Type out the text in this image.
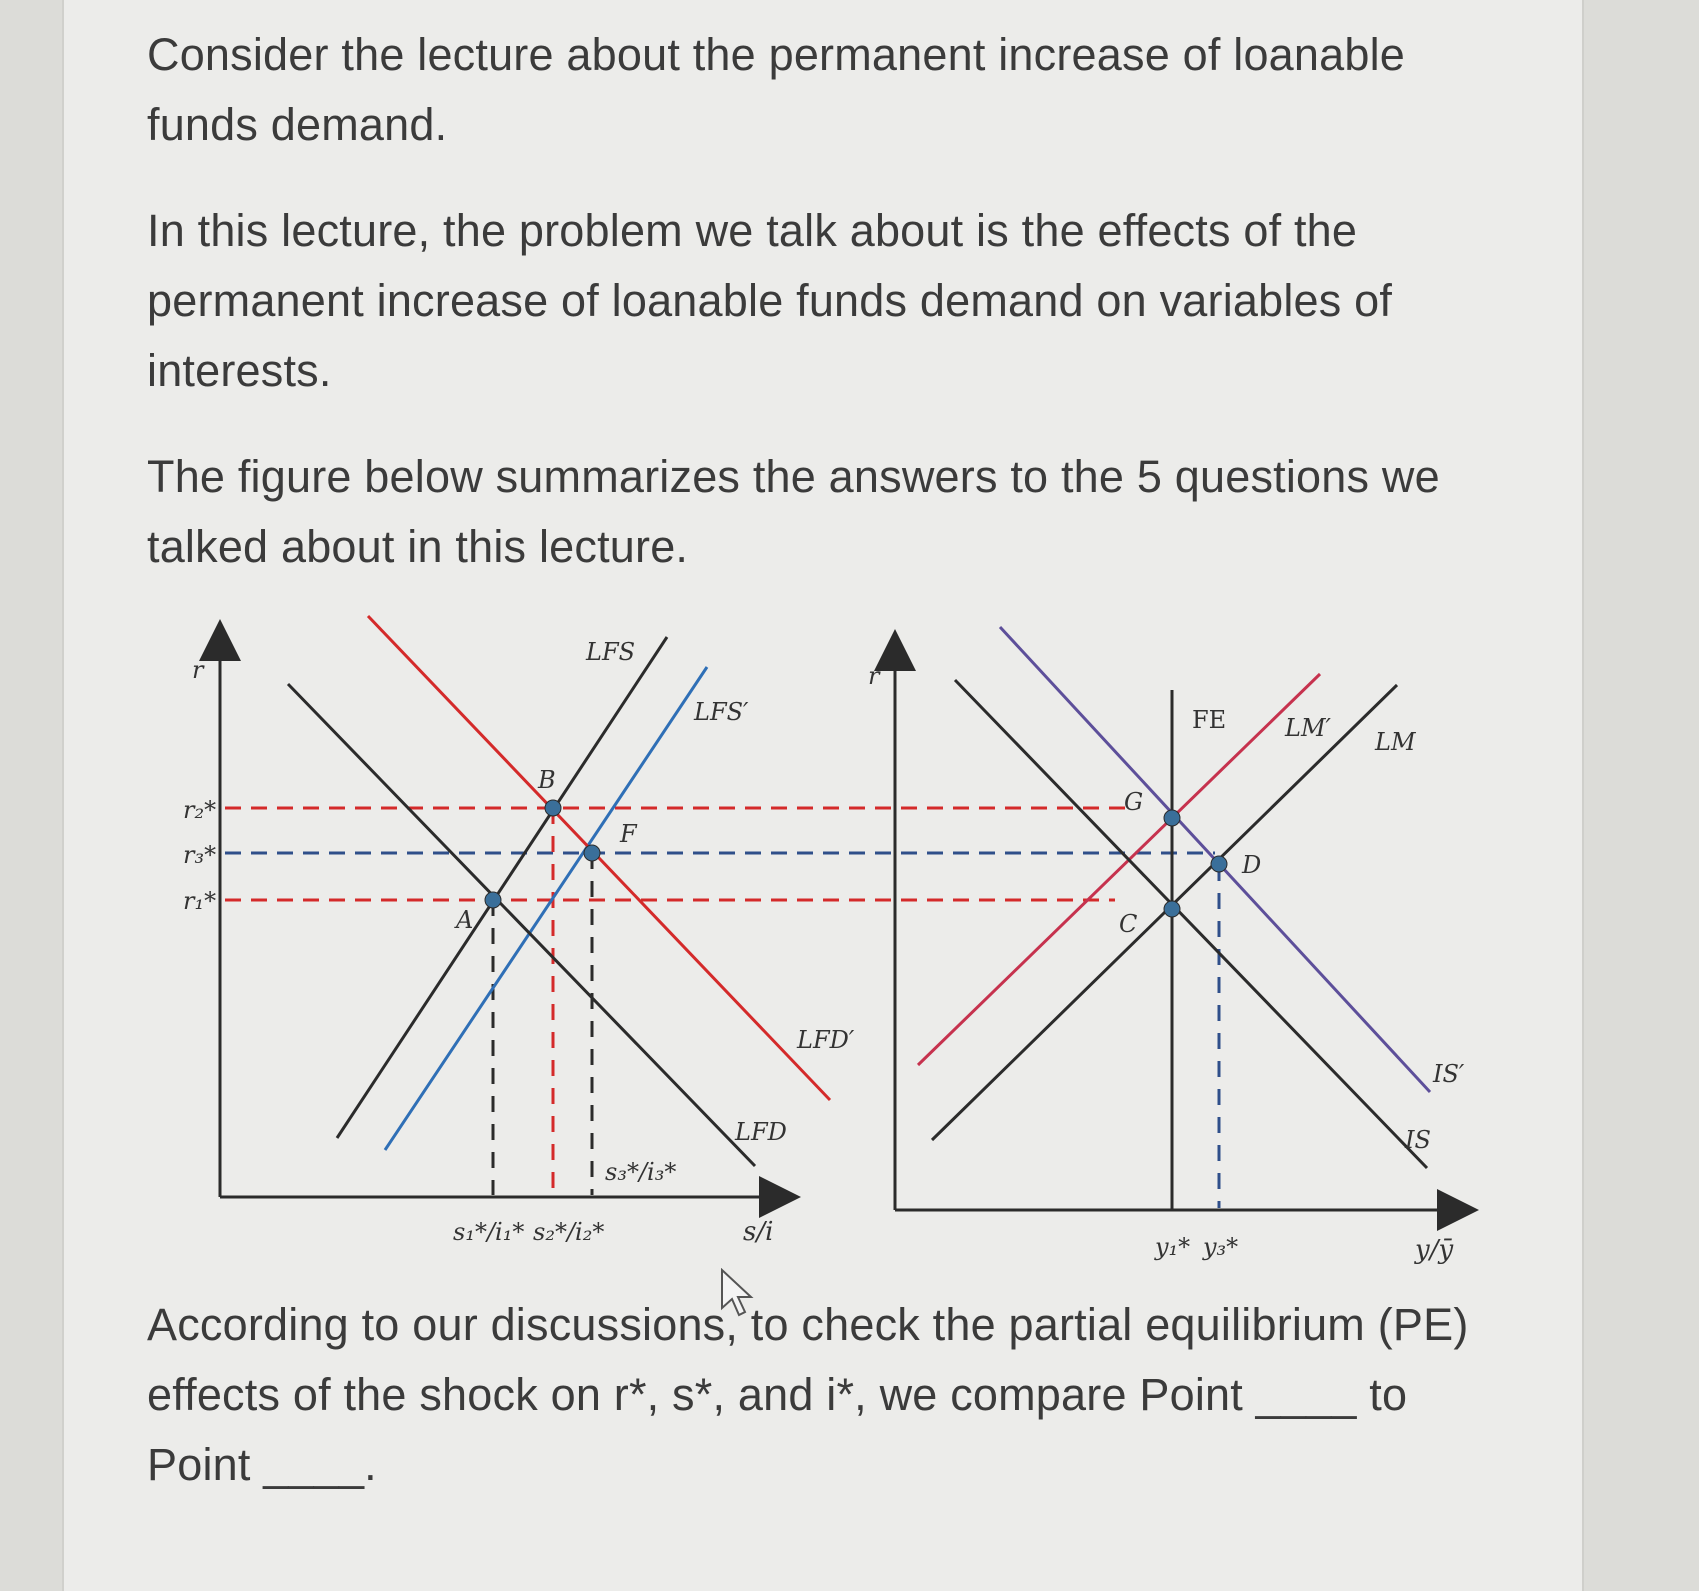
Consider the lecture about the permanent increase of loanable funds demand.

In this lecture, the problem we talk about is the effects of the permanent increase of loanable funds demand on variables of interests.

The figure below summarizes the answers to the 5 questions we talked about in this lecture.

r
s/i
LFS
LFS′
LFD′
LFD
r₂*
r₃*
r₁*
A
B
F
s₁*/i₁* s₂*/i₂*
s₃*/i₃*
r
y/ȳ
FE LM′ LM
IS′
IS
G
D
C
y₁* y₃*

According to our discussions, to check the partial equilibrium (PE) effects of the shock on r*, s*, and i*, we compare Point ____ to Point ____.
